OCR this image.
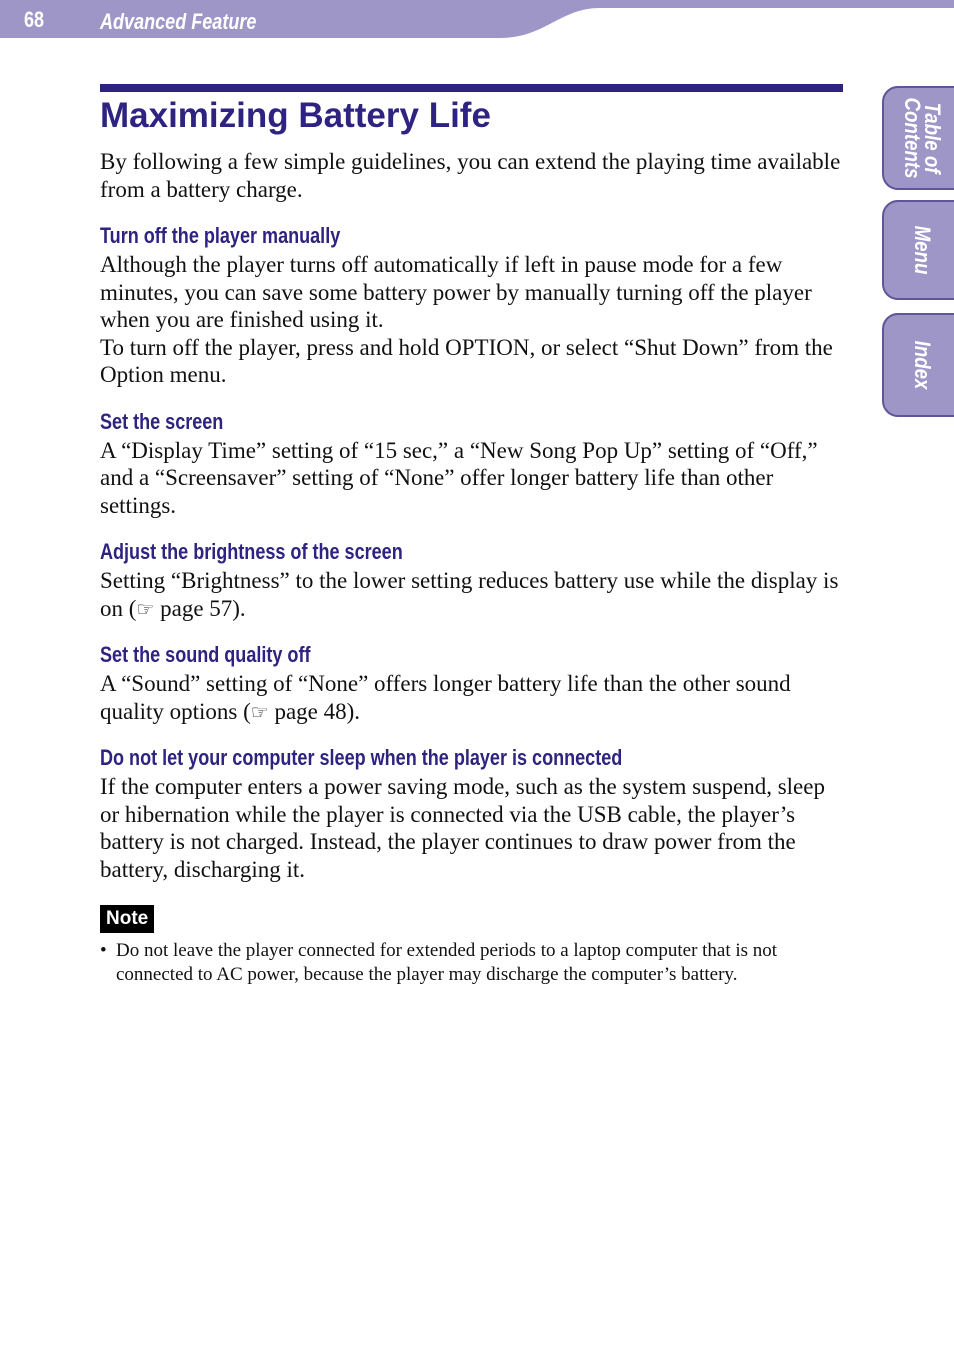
68	Advanced Feature
Table of
Contents
Menu
Index
Maximizing Battery Life

By following a few simple guidelines, you can extend the playing time available from a battery charge.

Turn off the player manually

Although the player turns off automatically if left in pause mode for a few minutes, you can save some battery power by manually turning off the player when you are finished using it.

To turn off the player, press and hold OPTION, or select “Shut Down” from the Option menu.

Set the screen

A “Display Time” setting of “15 sec,” a “New Song Pop Up” setting of “Off,” and a “Screensaver” setting of “None” offer longer battery life than other settings.

Adjust the brightness of the screen

Setting “Brightness” to the lower setting reduces battery use while the display is on (☞ page 57).

Set the sound quality off

A “Sound” setting of “None” offers longer battery life than the other sound quality options (☞ page 48).

Do not let your computer sleep when the player is connected

If the computer enters a power saving mode, such as the system suspend, sleep or hibernation while the player is connected via the USB cable, the player’s battery is not charged. Instead, the player continues to draw power from the battery, discharging it.

Note
• Do not leave the player connected for extended periods to a laptop computer that is not connected to AC power, because the player may discharge the computer’s battery.
